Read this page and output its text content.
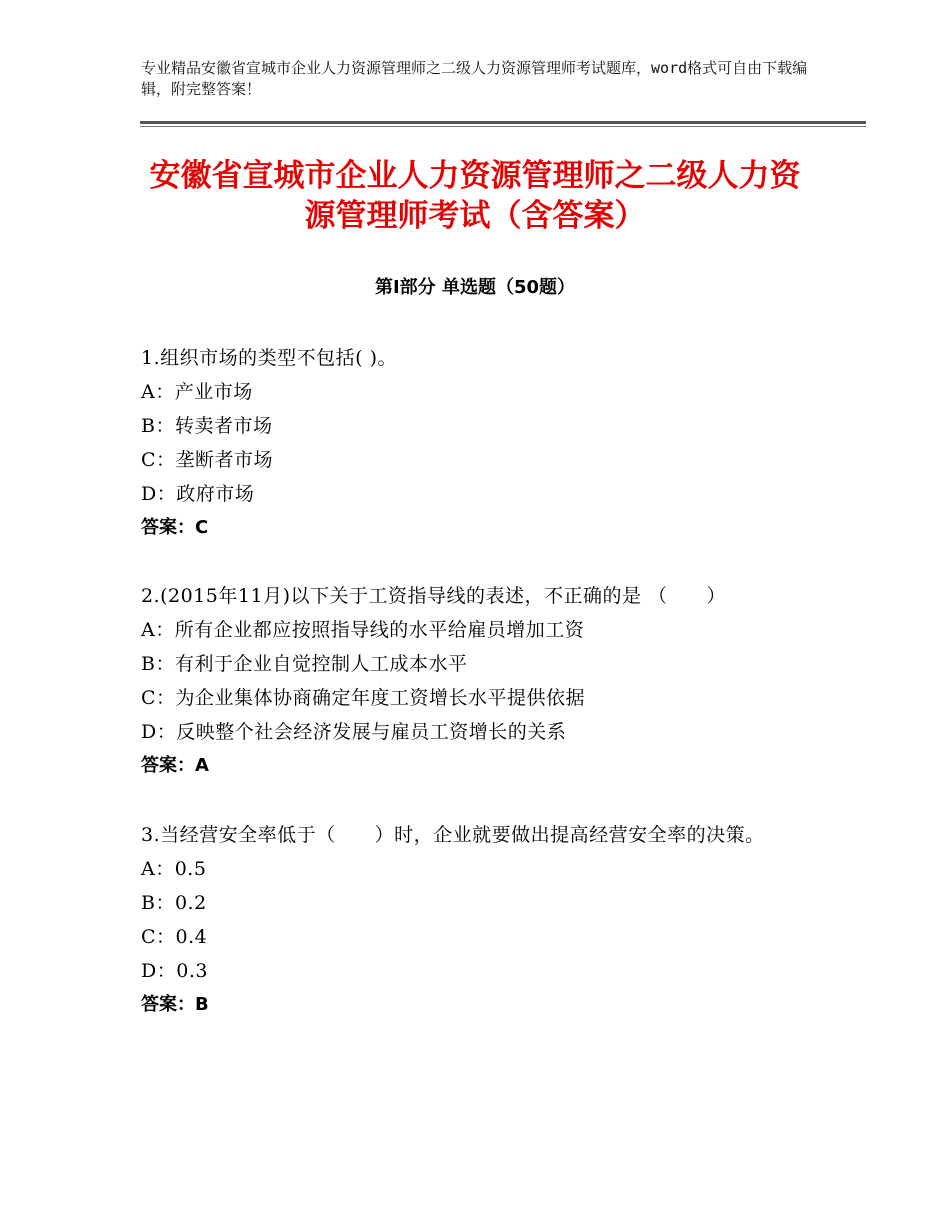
专业精品安徽省宣城市企业人力资源管理师之二级人力资源管理师考试题库，word格式可自由下载编辑，附完整答案！
安徽省宣城市企业人力资源管理师之二级人力资源管理师考试（含答案）
第Ⅰ部分 单选题（50题）

1.组织市场的类型不包括( )。

A：产业市场

B：转卖者市场

C：垄断者市场

D：政府市场

答案：C

2.(2015年11月)以下关于工资指导线的表述，不正确的是 （　　）

A：所有企业都应按照指导线的水平给雇员增加工资

B：有利于企业自觉控制人工成本水平

C：为企业集体协商确定年度工资增长水平提供依据

D：反映整个社会经济发展与雇员工资增长的关系

答案：A

3.当经营安全率低于（　　）时，企业就要做出提高经营安全率的决策。

A：0.5

B：0.2

C：0.4

D：0.3

答案：B
